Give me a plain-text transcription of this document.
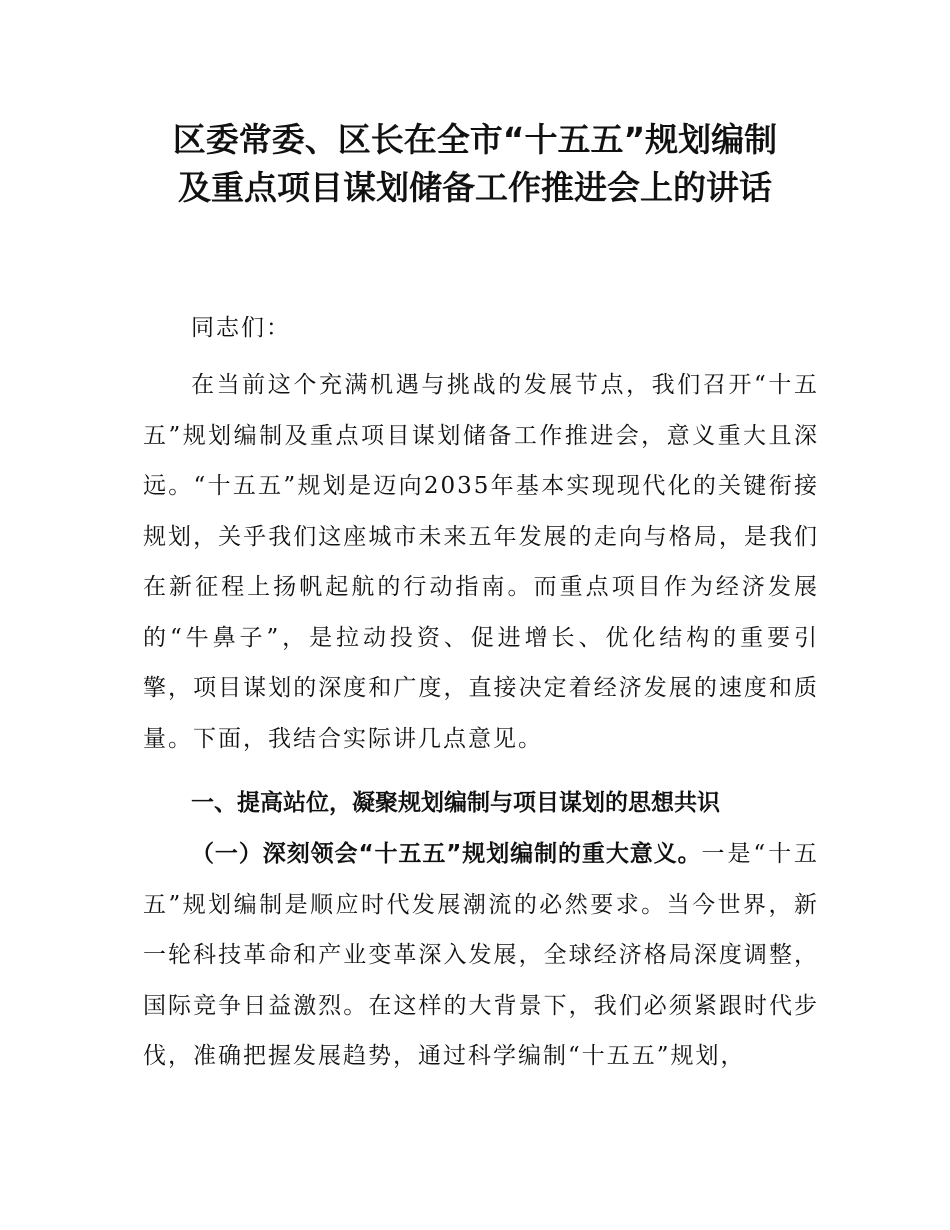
区委常委、区长在全市“十五五”规划编制
及重点项目谋划储备工作推进会上的讲话

同志们：

在当前这个充满机遇与挑战的发展节点，我们召开“十五五”规划编制及重点项目谋划储备工作推进会，意义重大且深远。“十五五”规划是迈向2035年基本实现现代化的关键衔接规划，关乎我们这座城市未来五年发展的走向与格局，是我们在新征程上扬帆起航的行动指南。而重点项目作为经济发展的“牛鼻子”，是拉动投资、促进增长、优化结构的重要引擎，项目谋划的深度和广度，直接决定着经济发展的速度和质量。下面，我结合实际讲几点意见。

一、提高站位，凝聚规划编制与项目谋划的思想共识

（一）深刻领会“十五五”规划编制的重大意义。一是“十五五”规划编制是顺应时代发展潮流的必然要求。当今世界，新一轮科技革命和产业变革深入发展，全球经济格局深度调整，国际竞争日益激烈。在这样的大背景下，我们必须紧跟时代步伐，准确把握发展趋势，通过科学编制“十五五”规划，
